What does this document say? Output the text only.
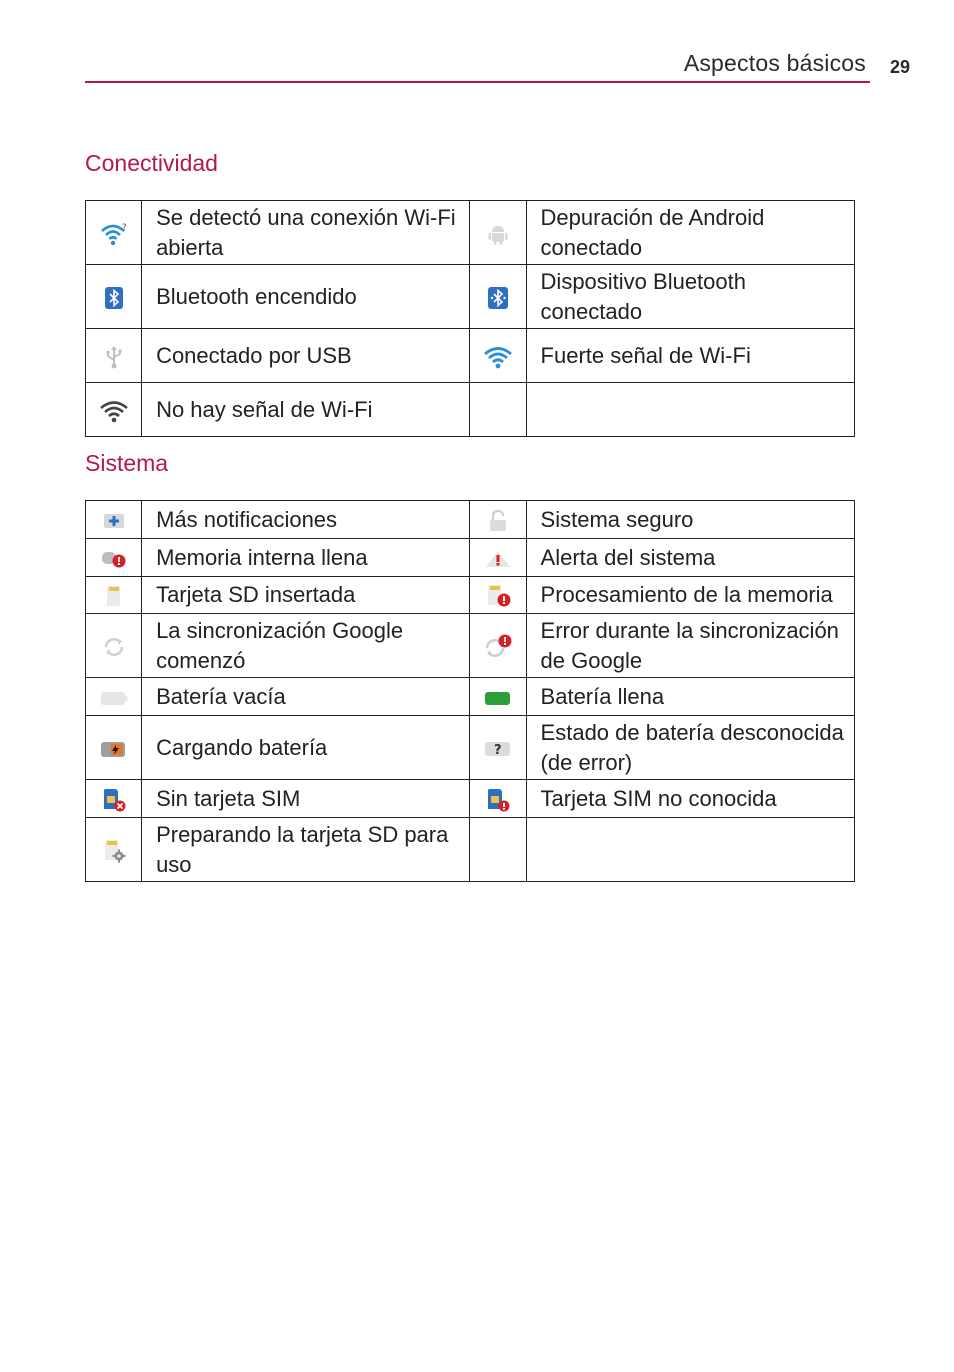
Aspectos básicos 29
Conectividad
?	Se detectó una conexión Wi-Fi abierta		Depuración de Android conectado

	Bluetooth encendido		Dispositivo Bluetooth conectado

	Conectado por USB		Fuerte señal de Wi-Fi

	No hay señal de Wi-Fi		
Sistema
	Más notificaciones		Sistema seguro

	Memoria interna llena		Alerta del sistema

	Tarjeta SD insertada		Procesamiento de la memoria

	La sincronización Google comenzó		Error durante la sincronización de Google

	Batería vacía		Batería llena

	Cargando batería	?	Estado de batería desconocida (de error)

	Sin tarjeta SIM		Tarjeta SIM no conocida

	Preparando la tarjeta SD para uso		
